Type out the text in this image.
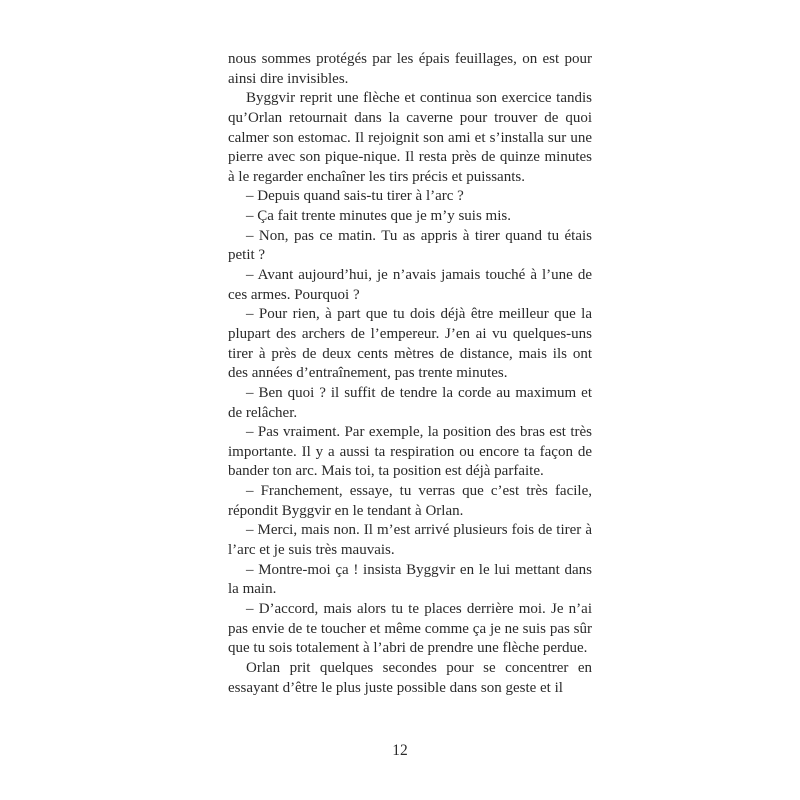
nous sommes protégés par les épais feuillages, on est pour ainsi dire invisibles.

Byggvir reprit une flèche et continua son exercice tandis qu’Orlan retournait dans la caverne pour trouver de quoi calmer son estomac. Il rejoignit son ami et s’installa sur une pierre avec son pique-nique. Il resta près de quinze minutes à le regarder enchaîner les tirs précis et puissants.

– Depuis quand sais-tu tirer à l’arc ?

– Ça fait trente minutes que je m’y suis mis.

– Non, pas ce matin. Tu as appris à tirer quand tu étais petit ?

– Avant aujourd’hui, je n’avais jamais touché à l’une de ces armes. Pourquoi ?

– Pour rien, à part que tu dois déjà être meilleur que la plupart des archers de l’empereur. J’en ai vu quelques-uns tirer à près de deux cents mètres de distance, mais ils ont des années d’entraînement, pas trente minutes.

– Ben quoi ? il suffit de tendre la corde au maximum et de relâcher.

– Pas vraiment. Par exemple, la position des bras est très importante. Il y a aussi ta respiration ou encore ta façon de bander ton arc. Mais toi, ta position est déjà parfaite.

– Franchement, essaye, tu verras que c’est très facile, répondit Byggvir en le tendant à Orlan.

– Merci, mais non. Il m’est arrivé plusieurs fois de tirer à l’arc et je suis très mauvais.

– Montre-moi ça ! insista Byggvir en le lui mettant dans la main.

– D’accord, mais alors tu te places derrière moi. Je n’ai pas envie de te toucher et même comme ça je ne suis pas sûr que tu sois totalement à l’abri de prendre une flèche perdue.

Orlan prit quelques secondes pour se concentrer en essayant d’être le plus juste possible dans son geste et il

12
